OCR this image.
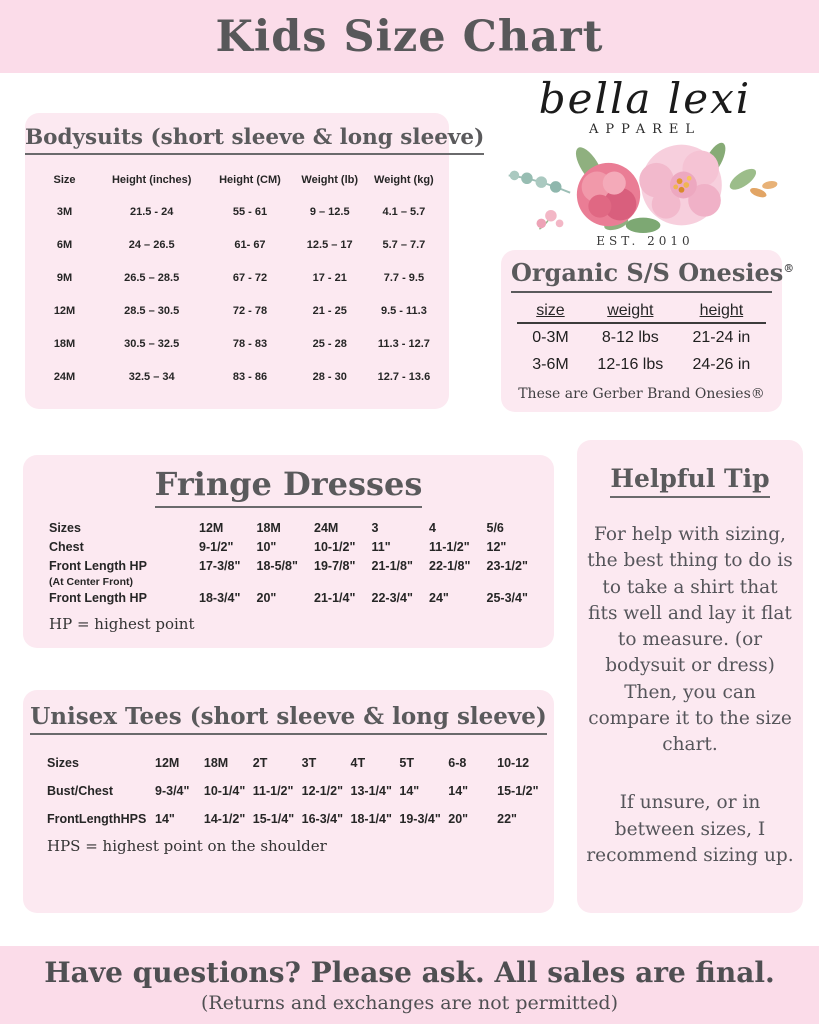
Kids Size Chart
Bodysuits (short sleeve & long sleeve)
Size	Height (inches)	Height (CM)	Weight (lb)	Weight (kg)
3M	21.5 - 24	55 - 61	9 – 12.5	4.1 – 5.7
6M	24 – 26.5	61- 67	12.5 – 17	5.7 – 7.7
9M	26.5 – 28.5	67 - 72	17 - 21	7.7 - 9.5
12M	28.5 – 30.5	72 - 78	21 - 25	9.5 - 11.3
18M	30.5 – 32.5	78 - 83	25 - 28	11.3 - 12.7
24M	32.5 – 34	83 - 86	28 - 30	12.7 - 13.6
bella lexi
APPAREL
EST. 2010
Organic S/S Onesies®
size	weight	height
0-3M	8-12 lbs	21-24 in
3-6M	12-16 lbs	24-26 in
These are Gerber Brand Onesies®
Fringe Dresses
Sizes	12M	18M	24M	3	4	5/6
Chest	9-1/2"	10"	10-1/2"	11"	11-1/2"	12"
Front Length HP	17-3/8"	18-5/8"	19-7/8"	21-1/8"	22-1/8"	23-1/2"
(At Center Front)
Front Length HP	18-3/4"	20"	21-1/4"	22-3/4"	24"	25-3/4"
HP = highest point
Helpful Tip

For help with sizing, the best thing to do is to take a shirt that fits well and lay it flat to measure. (or bodysuit or dress) Then, you can compare it to the size chart.

If unsure, or in between sizes, I recommend sizing up.

Unisex Tees (short sleeve & long sleeve)
Sizes	12M	18M	2T	3T	4T	5T	6-8	10-12
Bust/Chest	9-3/4"	10-1/4" 11-1/2" 12-1/2" 13-1/4" 14"	14"	15-1/2"
FrontLengthHPS 14"	14-1/2" 15-1/4" 16-3/4" 18-1/4" 19-3/4" 20"	22"
HPS = highest point on the shoulder
Have questions? Please ask. All sales are final.
(Returns and exchanges are not permitted)
